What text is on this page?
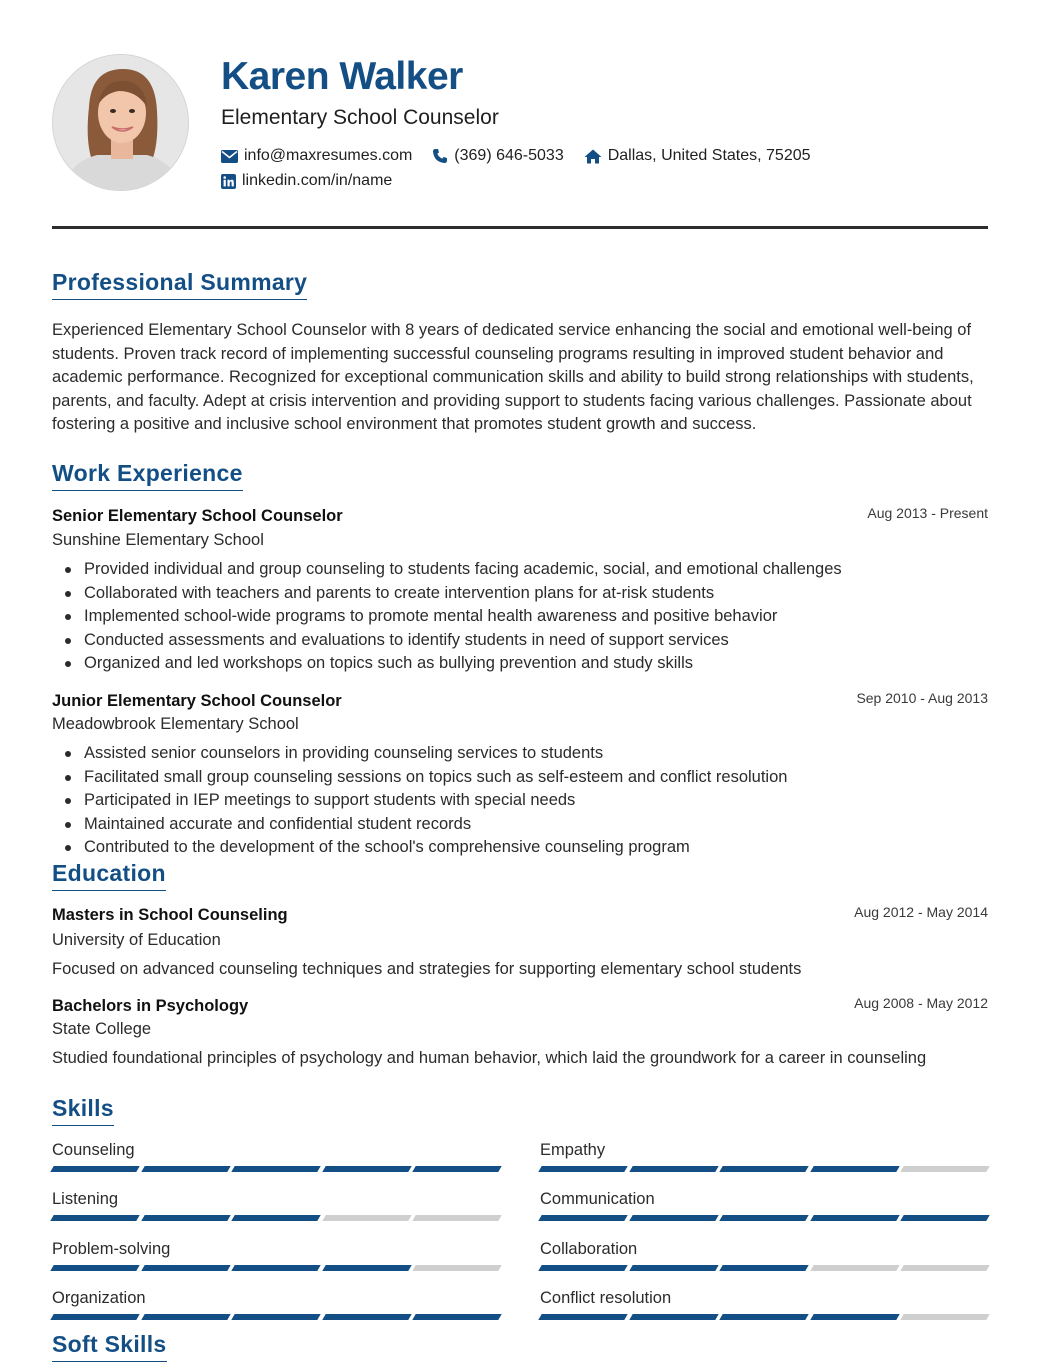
Karen Walker
Elementary School Counselor
info@maxresumes.com	(369) 646-5033	Dallas, United States, 75205
linkedin.com/in/name
Professional Summary
Experienced Elementary School Counselor with 8 years of dedicated service enhancing the social and emotional well-being of students. Proven track record of implementing successful counseling programs resulting in improved student behavior and academic performance. Recognized for exceptional communication skills and ability to build strong relationships with students, parents, and faculty. Adept at crisis intervention and providing support to students facing various challenges. Passionate about fostering a positive and inclusive school environment that promotes student growth and success.
Work Experience
Senior Elementary School Counselor	Aug 2013 - Present
Sunshine Elementary School
Provided individual and group counseling to students facing academic, social, and emotional challenges
Collaborated with teachers and parents to create intervention plans for at-risk students
Implemented school-wide programs to promote mental health awareness and positive behavior
Conducted assessments and evaluations to identify students in need of support services
Organized and led workshops on topics such as bullying prevention and study skills
Junior Elementary School Counselor	Sep 2010 - Aug 2013
Meadowbrook Elementary School
Assisted senior counselors in providing counseling services to students
Facilitated small group counseling sessions on topics such as self-esteem and conflict resolution
Participated in IEP meetings to support students with special needs
Maintained accurate and confidential student records
Contributed to the development of the school's comprehensive counseling program
Education
Masters in School Counseling	Aug 2012 - May 2014
University of Education
Focused on advanced counseling techniques and strategies for supporting elementary school students
Bachelors in Psychology	Aug 2008 - May 2012
State College
Studied foundational principles of psychology and human behavior, which laid the groundwork for a career in counseling
Skills
Counseling	Empathy
Listening	Communication
Problem-solving	Collaboration
Organization	Conflict resolution
Soft Skills
